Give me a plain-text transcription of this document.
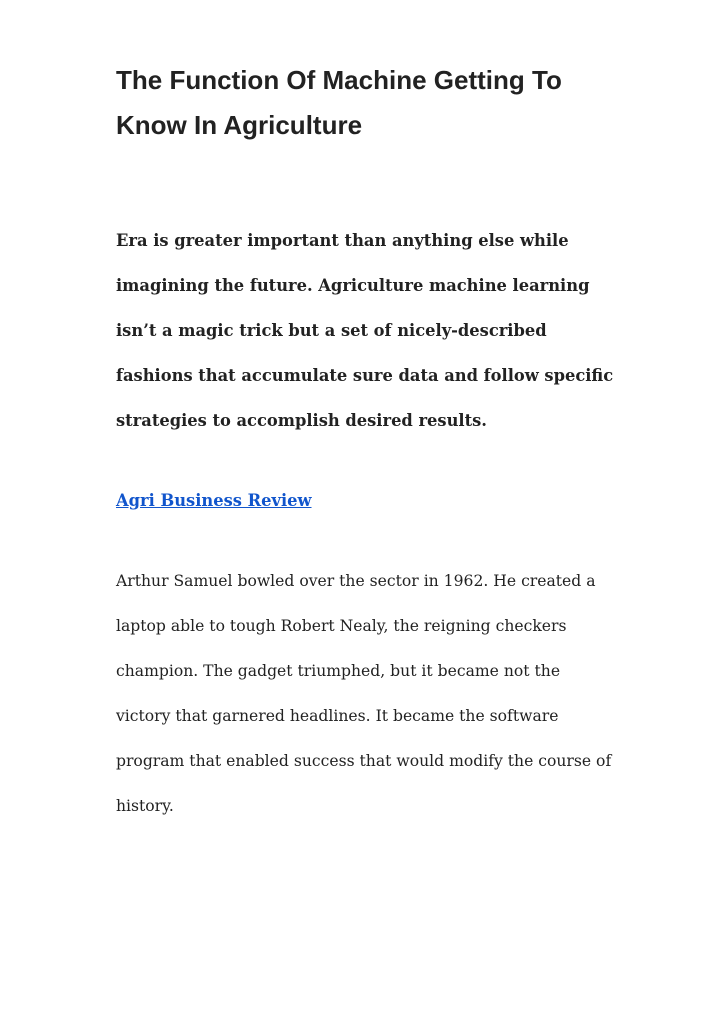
The Function Of Machine Getting To Know In Agriculture

Era is greater important than anything else while imagining the future. Agriculture machine learning isn’t a magic trick but a set of nicely-described fashions that accumulate sure data and follow specific strategies to accomplish desired results.

Agri Business Review

Arthur Samuel bowled over the sector in 1962. He created a laptop able to tough Robert Nealy, the reigning checkers champion. The gadget triumphed, but it became not the victory that garnered headlines. It became the software program that enabled success that would modify the course of history.
